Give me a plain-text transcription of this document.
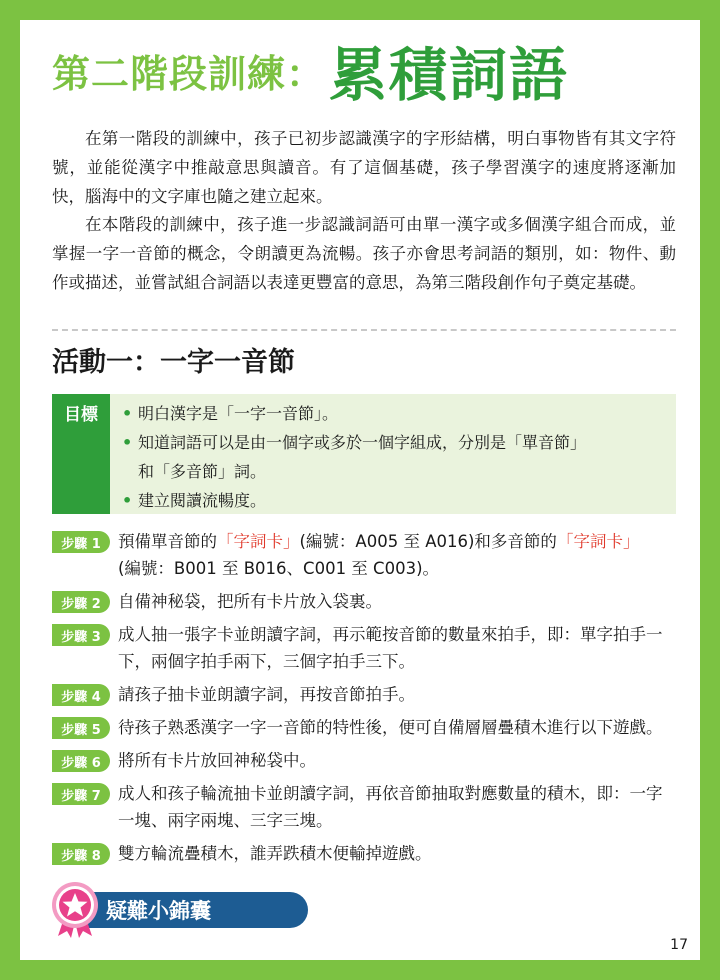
第二階段訓練： 累積詞語

在第一階段的訓練中，孩子已初步認識漢字的字形結構，明白事物皆有其文字符號，並能從漢字中推敲意思與讀音。有了這個基礎，孩子學習漢字的速度將逐漸加快，腦海中的文字庫也隨之建立起來。

在本階段的訓練中，孩子進一步認識詞語可由單一漢字或多個漢字組合而成，並掌握一字一音節的概念，令朗讀更為流暢。孩子亦會思考詞語的類別，如：物件、動作或描述，並嘗試組合詞語以表達更豐富的意思，為第三階段創作句子奠定基礎。

活動一：一字一音節
目標
•	明白漢字是「一字一音節」。
• 知道詞語可以是由一個字或多於一個字組成，分別是「單音節」
和「多音節」詞。
• 建立閱讀流暢度。
步驟 1	預備單音節的「字詞卡」(編號：A005 至 A016)和多音節的「字詞卡」
(編號：B001 至 B016、C001 至 C003)。
步驟 2	自備神秘袋，把所有卡片放入袋裏。
步驟 3	成人抽一張字卡並朗讀字詞，再示範按音節的數量來拍手，即：單字拍手一下，兩個字拍手兩下，三個字拍手三下。
步驟 4	請孩子抽卡並朗讀字詞，再按音節拍手。
步驟 5	待孩子熟悉漢字一字一音節的特性後，便可自備層層疊積木進行以下遊戲。
步驟 6	將所有卡片放回神秘袋中。
步驟 7	成人和孩子輪流抽卡並朗讀字詞，再依音節抽取對應數量的積木，即：一字一塊、兩字兩塊、三字三塊。
步驟 8	雙方輪流疊積木，誰弄跌積木便輸掉遊戲。
疑難小錦囊
17
